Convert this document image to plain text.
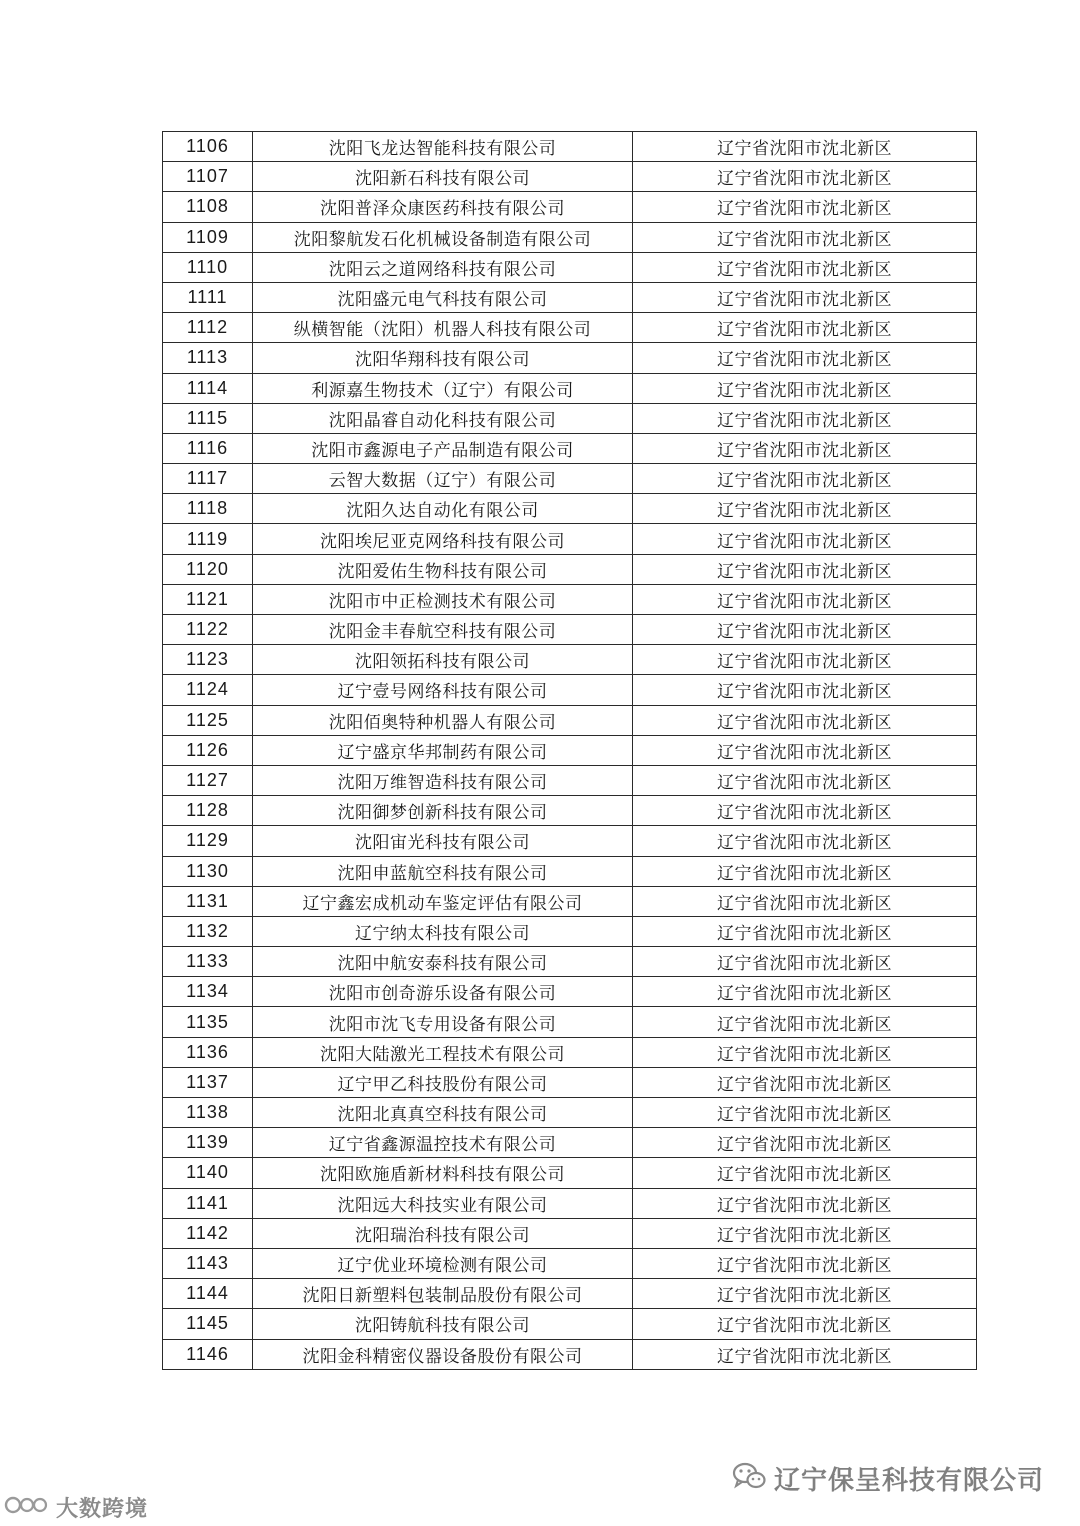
1106	沈阳飞龙达智能科技有限公司	辽宁省沈阳市沈北新区
1107	沈阳新石科技有限公司	辽宁省沈阳市沈北新区
1108	沈阳普泽众康医药科技有限公司	辽宁省沈阳市沈北新区
1109	沈阳黎航发石化机械设备制造有限公司	辽宁省沈阳市沈北新区
1110	沈阳云之道网络科技有限公司	辽宁省沈阳市沈北新区
1111	沈阳盛元电气科技有限公司	辽宁省沈阳市沈北新区
1112	纵横智能（沈阳）机器人科技有限公司	辽宁省沈阳市沈北新区
1113	沈阳华翔科技有限公司	辽宁省沈阳市沈北新区
1114	利源嘉生物技术（辽宁）有限公司	辽宁省沈阳市沈北新区
1115	沈阳晶睿自动化科技有限公司	辽宁省沈阳市沈北新区
1116	沈阳市鑫源电子产品制造有限公司	辽宁省沈阳市沈北新区
1117	云智大数据（辽宁）有限公司	辽宁省沈阳市沈北新区
1118	沈阳久达自动化有限公司	辽宁省沈阳市沈北新区
1119	沈阳埃尼亚克网络科技有限公司	辽宁省沈阳市沈北新区
1120	沈阳爱佑生物科技有限公司	辽宁省沈阳市沈北新区
1121	沈阳市中正检测技术有限公司	辽宁省沈阳市沈北新区
1122	沈阳金丰春航空科技有限公司	辽宁省沈阳市沈北新区
1123	沈阳领拓科技有限公司	辽宁省沈阳市沈北新区
1124	辽宁壹号网络科技有限公司	辽宁省沈阳市沈北新区
1125	沈阳佰奥特种机器人有限公司	辽宁省沈阳市沈北新区
1126	辽宁盛京华邦制药有限公司	辽宁省沈阳市沈北新区
1127	沈阳万维智造科技有限公司	辽宁省沈阳市沈北新区
1128	沈阳御梦创新科技有限公司	辽宁省沈阳市沈北新区
1129	沈阳宙光科技有限公司	辽宁省沈阳市沈北新区
1130	沈阳申蓝航空科技有限公司	辽宁省沈阳市沈北新区
1131	辽宁鑫宏成机动车鉴定评估有限公司	辽宁省沈阳市沈北新区
1132	辽宁纳太科技有限公司	辽宁省沈阳市沈北新区
1133	沈阳中航安泰科技有限公司	辽宁省沈阳市沈北新区
1134	沈阳市创奇游乐设备有限公司	辽宁省沈阳市沈北新区
1135	沈阳市沈飞专用设备有限公司	辽宁省沈阳市沈北新区
1136	沈阳大陆激光工程技术有限公司	辽宁省沈阳市沈北新区
1137	辽宁甲乙科技股份有限公司	辽宁省沈阳市沈北新区
1138	沈阳北真真空科技有限公司	辽宁省沈阳市沈北新区
1139	辽宁省鑫源温控技术有限公司	辽宁省沈阳市沈北新区
1140	沈阳欧施盾新材料科技有限公司	辽宁省沈阳市沈北新区
1141	沈阳远大科技实业有限公司	辽宁省沈阳市沈北新区
1142	沈阳瑞治科技有限公司	辽宁省沈阳市沈北新区
1143	辽宁优业环境检测有限公司	辽宁省沈阳市沈北新区
1144	沈阳日新塑料包装制品股份有限公司	辽宁省沈阳市沈北新区
1145	沈阳铸航科技有限公司	辽宁省沈阳市沈北新区
1146	沈阳金科精密仪器设备股份有限公司	辽宁省沈阳市沈北新区
辽宁保呈科技有限公司
大数跨境
